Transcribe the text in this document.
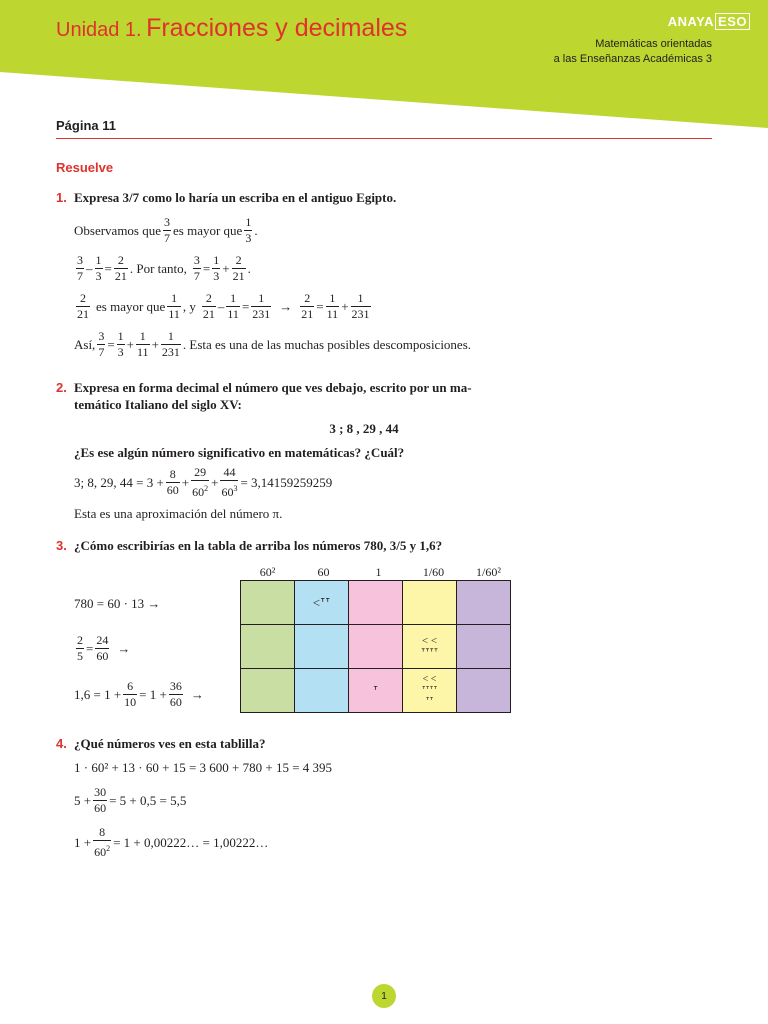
Unidad 1. Fracciones y decimales	ANAYA ESO
Matemáticas orientadas
a las Enseñanzas Académicas 3
Página 11
Resuelve
1. Expresa 3/7 como lo haría un escriba en el antiguo Egipto.
Observamos que
3
7
es mayor que
1
3
.
3
7
–
1
3
=
2
21
. Por tanto,
3
7
=
1
3
+
2
21
.
2
21
es mayor que
1
11
, y
2
21
–
1
11
=
1
231
→
2
21
=
1
11
+
1
231
Así,
3
7
=
1
3
+
1
11
+
1
231
. Esta es una de las muchas posibles descomposiciones.
2. Expresa en forma decimal el número que ves debajo, escrito por un ma-
temático Italiano del siglo XV:
3 ; 8 , 29 , 44
¿Es ese algún número significativo en matemáticas? ¿Cuál?
3; 8, 29, $44 = 3 + \frac{8}{60}$ +
29
$60^2 + \frac{44}{60^3} = 3,14159259259$
Esta es una aproximación del número π.
3. ¿Cómo escribirías en la tabla de arriba los números 780, 3/5 y 1,6?
60²	60	1	1/60	1/60²
	<ᐪᐪ			

			< <
ᐪᐪᐪᐪ	

		ᐪ	< <
ᐪᐪᐪᐪ
ᐪᐪ	

780 = 60 · 13 →
2
5
=
24
60
→
$1,6 = 1 + \frac{6}{10} = 1$ +
36
60
→
4. ¿Qué números ves en esta tablilla?
1 · 60² + 13 · 60 + 15 = 3 600 + 780 + 15 = 4 395
$5 + \frac{30}{60} = 5 + 0,5 = 5,5$
$1 + \frac{8}{60^2} = 1$ + 0,00222… = 1,00222…
1
